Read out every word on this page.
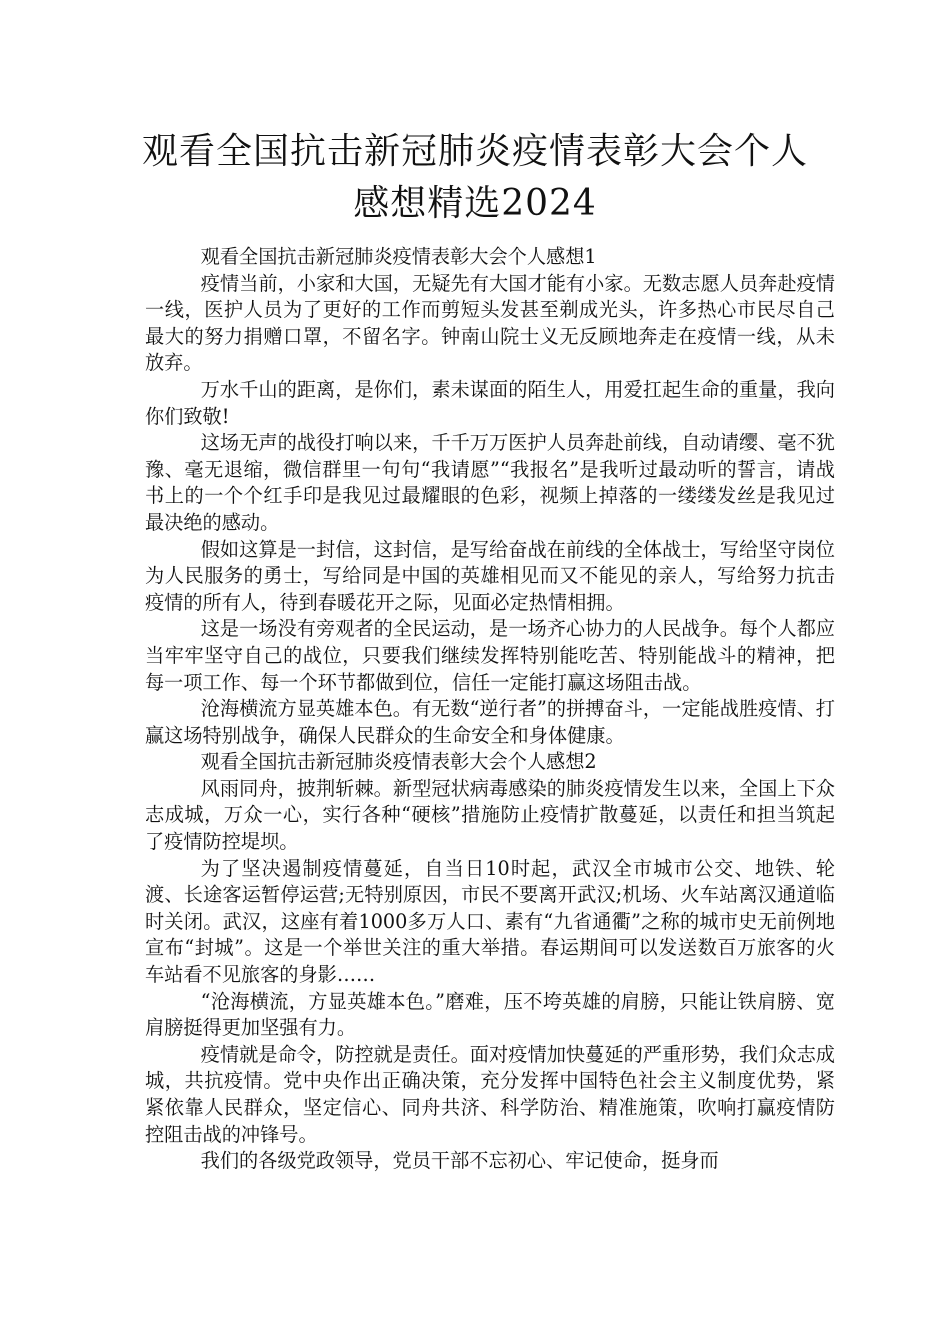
观看全国抗击新冠肺炎疫情表彰大会个人
感想精选2024

观看全国抗击新冠肺炎疫情表彰大会个人感想1

疫情当前，小家和大国，无疑先有大国才能有小家。无数志愿人员奔赴疫情一线，医护人员为了更好的工作而剪短头发甚至剃成光头，许多热心市民尽自己最大的努力捐赠口罩，不留名字。钟南山院士义无反顾地奔走在疫情一线，从未放弃。

万水千山的距离，是你们，素未谋面的陌生人，用爱扛起生命的重量，我向你们致敬!

这场无声的战役打响以来，千千万万医护人员奔赴前线，自动请缨、毫不犹豫、毫无退缩，微信群里一句句“我请愿”“我报名”是我听过最动听的誓言，请战书上的一个个红手印是我见过最耀眼的色彩，视频上掉落的一缕缕发丝是我见过最决绝的感动。

假如这算是一封信，这封信，是写给奋战在前线的全体战士，写给坚守岗位为人民服务的勇士，写给同是中国的英雄相见而又不能见的亲人，写给努力抗击疫情的所有人，待到春暖花开之际，见面必定热情相拥。

这是一场没有旁观者的全民运动，是一场齐心协力的人民战争。每个人都应当牢牢坚守自己的战位，只要我们继续发挥特别能吃苦、特别能战斗的精神，把每一项工作、每一个环节都做到位，信任一定能打赢这场阻击战。

沧海横流方显英雄本色。有无数“逆行者”的拼搏奋斗，一定能战胜疫情、打赢这场特别战争，确保人民群众的生命安全和身体健康。

观看全国抗击新冠肺炎疫情表彰大会个人感想2

风雨同舟，披荆斩棘。新型冠状病毒感染的肺炎疫情发生以来，全国上下众志成城，万众一心，实行各种“硬核”措施防止疫情扩散蔓延，以责任和担当筑起了疫情防控堤坝。

为了坚决遏制疫情蔓延，自当日10时起，武汉全市城市公交、地铁、轮渡、长途客运暂停运营;无特别原因，市民不要离开武汉;机场、火车站离汉通道临时关闭。武汉，这座有着1000多万人口、素有“九省通衢”之称的城市史无前例地宣布“封城”。这是一个举世关注的重大举措。春运期间可以发送数百万旅客的火车站看不见旅客的身影……

“沧海横流，方显英雄本色。”磨难，压不垮英雄的肩膀，只能让铁肩膀、宽肩膀挺得更加坚强有力。

疫情就是命令，防控就是责任。面对疫情加快蔓延的严重形势，我们众志成城，共抗疫情。党中央作出正确决策，充分发挥中国特色社会主义制度优势，紧紧依靠人民群众，坚定信心、同舟共济、科学防治、精准施策，吹响打赢疫情防控阻击战的冲锋号。

我们的各级党政领导，党员干部不忘初心、牢记使命，挺身而
